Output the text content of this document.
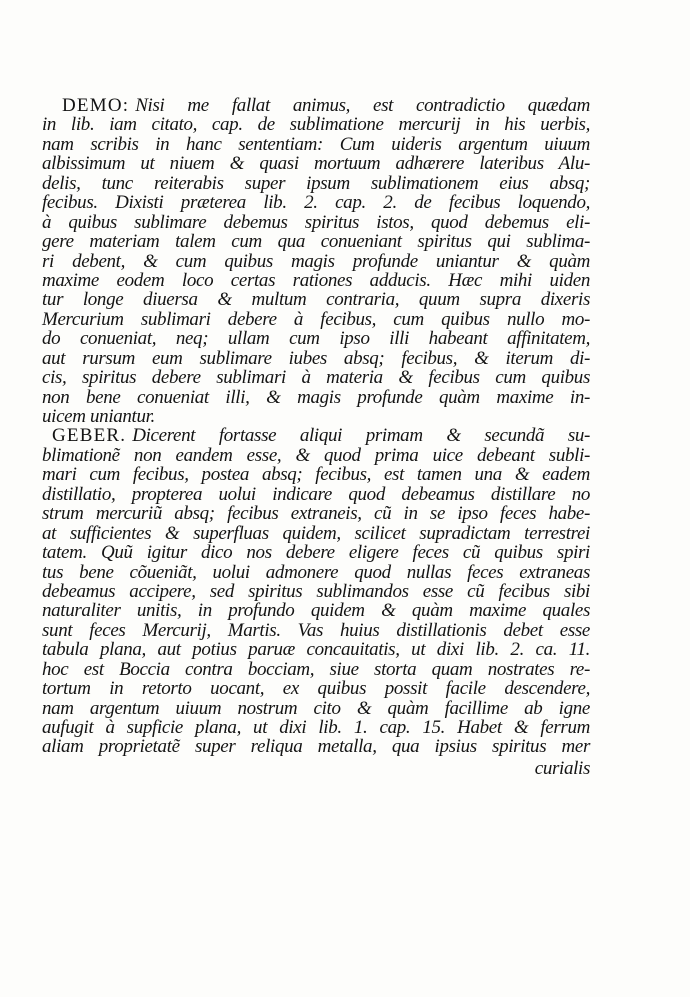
DEMO: Nisi me fallat animus, est contradictio quædam
in lib. iam citato, cap. de sublimatione mercurij in his uerbis,
nam scribis in hanc sententiam: Cum uideris argentum uiuum
albissimum ut niuem & quasi mortuum adhærere lateribus Alu-
delis, tunc reiterabis super ipsum sublimationem eius absq;
fecibus. Dixisti præterea lib. 2. cap. 2. de fecibus loquendo,
à quibus sublimare debemus spiritus istos, quod debemus eli-
gere materiam talem cum qua conueniant spiritus qui sublima-
ri debent, & cum quibus magis profunde uniantur & quàm
maxime eodem loco certas rationes adducis. Hæc mihi uiden
tur longe diuersa & multum contraria, quum supra dixeris
Mercurium sublimari debere à fecibus, cum quibus nullo mo-
do conueniat, neq; ullam cum ipso illi habeant affinitatem,
aut rursum eum sublimare iubes absq; fecibus, & iterum di-
cis, spiritus debere sublimari à materia & fecibus cum quibus
non bene conueniat illi, & magis profunde quàm maxime in-
uicem uniantur.
GEBER. Dicerent fortasse aliqui primam & secundã su-
blimationẽ non eandem esse, & quod prima uice debeant subli-
mari cum fecibus, postea absq; fecibus, est tamen una & eadem
distillatio, propterea uolui indicare quod debeamus distillare no
strum mercuriũ absq; fecibus extraneis, cũ in se ipso feces habe-
at sufficientes & superfluas quidem, scilicet supradictam terrestrei
tatem. Quũ igitur dico nos debere eligere feces cũ quibus spiri
tus bene cõueniãt, uolui admonere quod nullas feces extraneas
debeamus accipere, sed spiritus sublimandos esse cũ fecibus sibi
naturaliter unitis, in profundo quidem & quàm maxime quales
sunt feces Mercurij, Martis. Vas huius distillationis debet esse
tabula plana, aut potius paruæ concauitatis, ut dixi lib. 2. ca. 11.
hoc est Boccia contra bocciam, siue storta quam nostrates re-
tortum in retorto uocant, ex quibus possit facile descendere,
nam argentum uiuum nostrum cito & quàm facillime ab igne
aufugit à supficie plana, ut dixi lib. 1. cap. 15. Habet & ferrum
aliam proprietatẽ super reliqua metalla, qua ipsius spiritus mer
curialis
